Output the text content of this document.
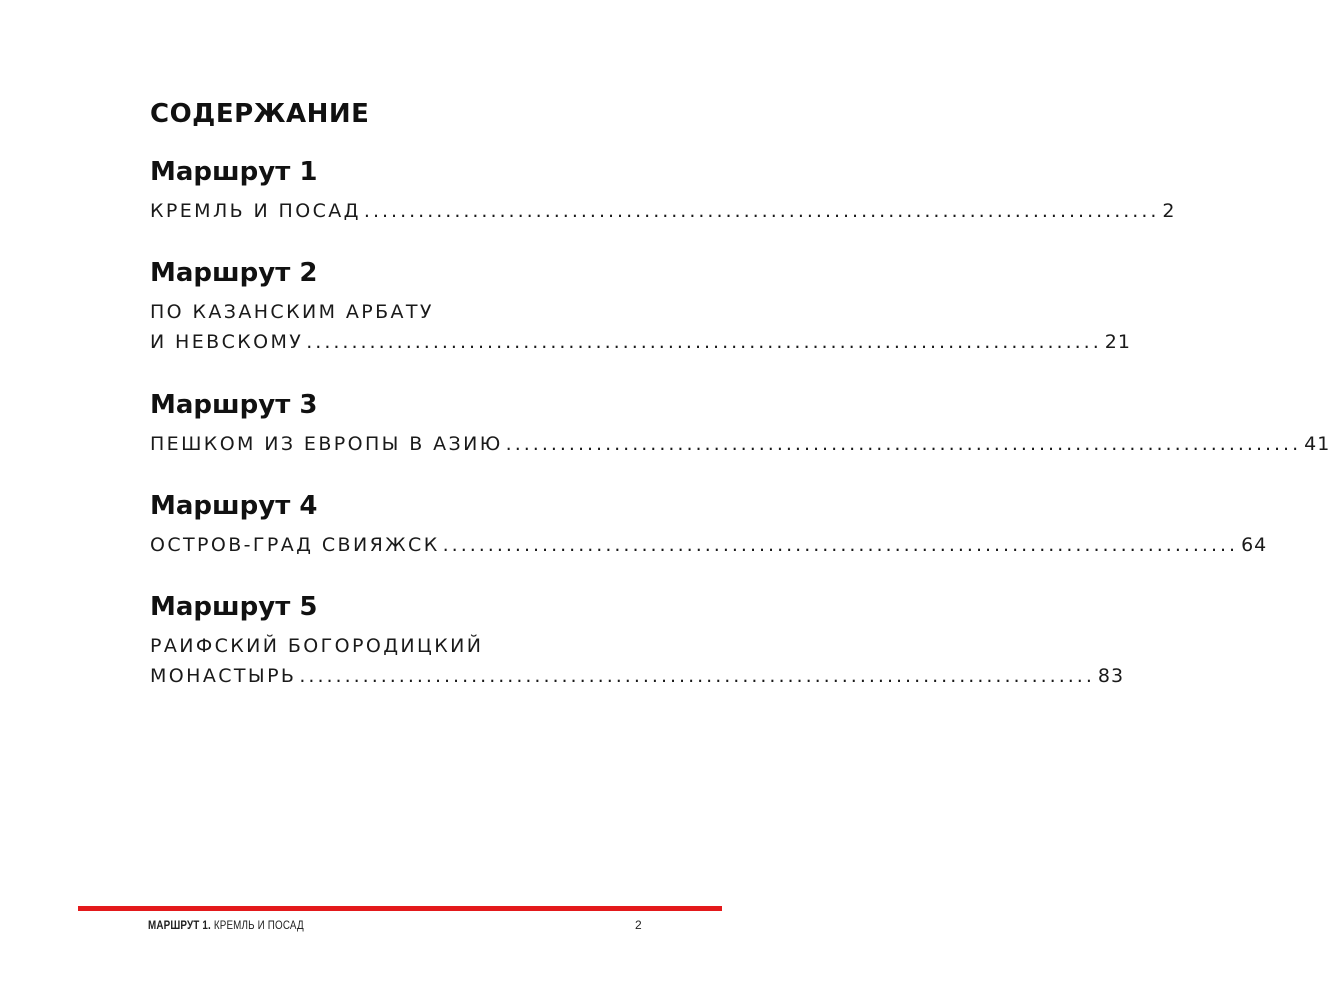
СОДЕРЖАНИЕ
Маршрут 1
КРЕМЛЬ И ПОСАД ........................................................................................ 2
Маршрут 2
ПО КАЗАНСКИМ АРБАТУ
И НЕВСКОМУ ........................................................................................ 21
Маршрут 3
ПЕШКОМ ИЗ ЕВРОПЫ В АЗИЮ ........................................................................................ 41
Маршрут 4
ОСТРОВ-ГРАД СВИЯЖСК ........................................................................................ 64
Маршрут 5
РАИФСКИЙ БОГОРОДИЦКИЙ
МОНАСТЫРЬ ........................................................................................ 83
МАРШРУТ 1. КРЕМЛЬ И ПОСАД	2
